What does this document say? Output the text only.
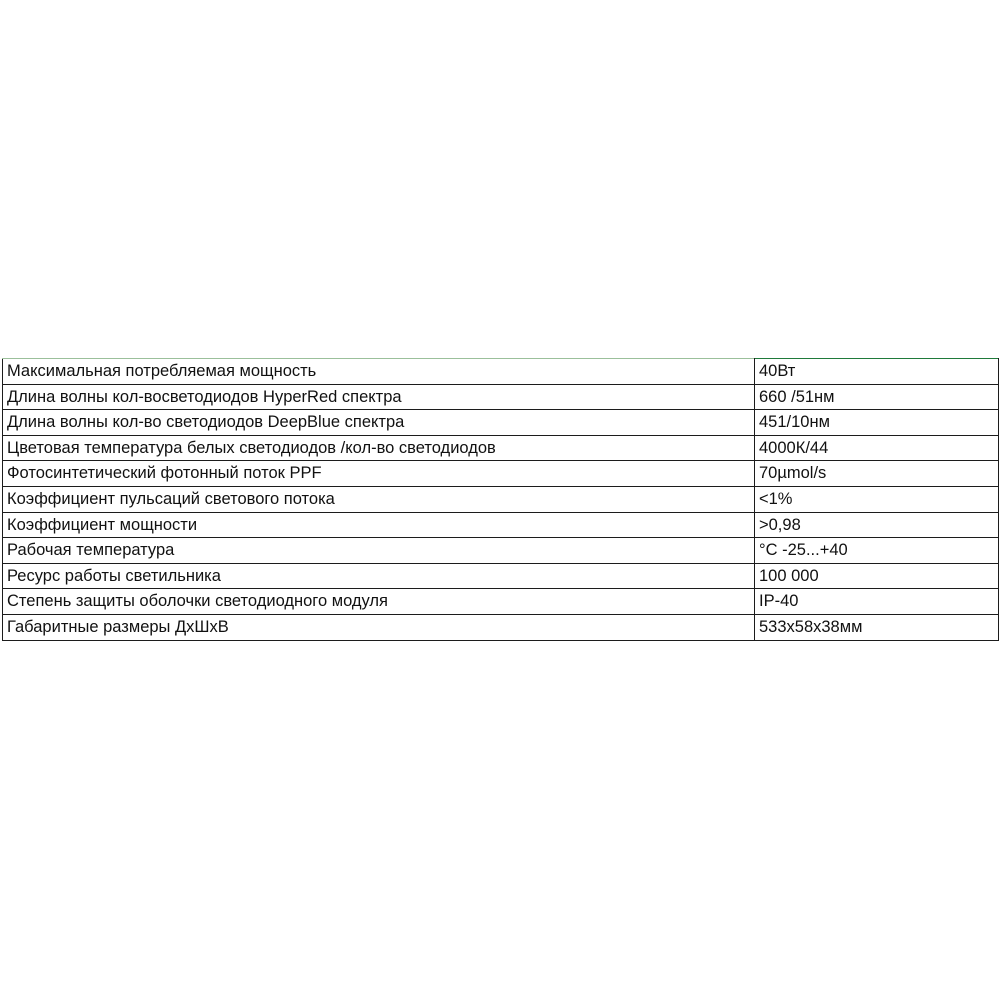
Максимальная потребляемая мощность	40Вт
Длина волны кол-восветодиодов HyperRed спектра	660 /51нм
Длина волны кол-во светодиодов DeepBlue спектра	451/10нм
Цветовая температура белых светодиодов /кол-во светодиодов	4000К/44
Фотосинтетический фотонный поток PPF	70µmol/s
Коэффициент пульсаций светового потока	<1%
Коэффициент мощности	>0,98
Рабочая температура	°С -25...+40
Ресурс работы светильника	100 000
Степень защиты оболочки светодиодного модуля	IP-40
Габаритные размеры ДхШхВ	533х58х38мм
